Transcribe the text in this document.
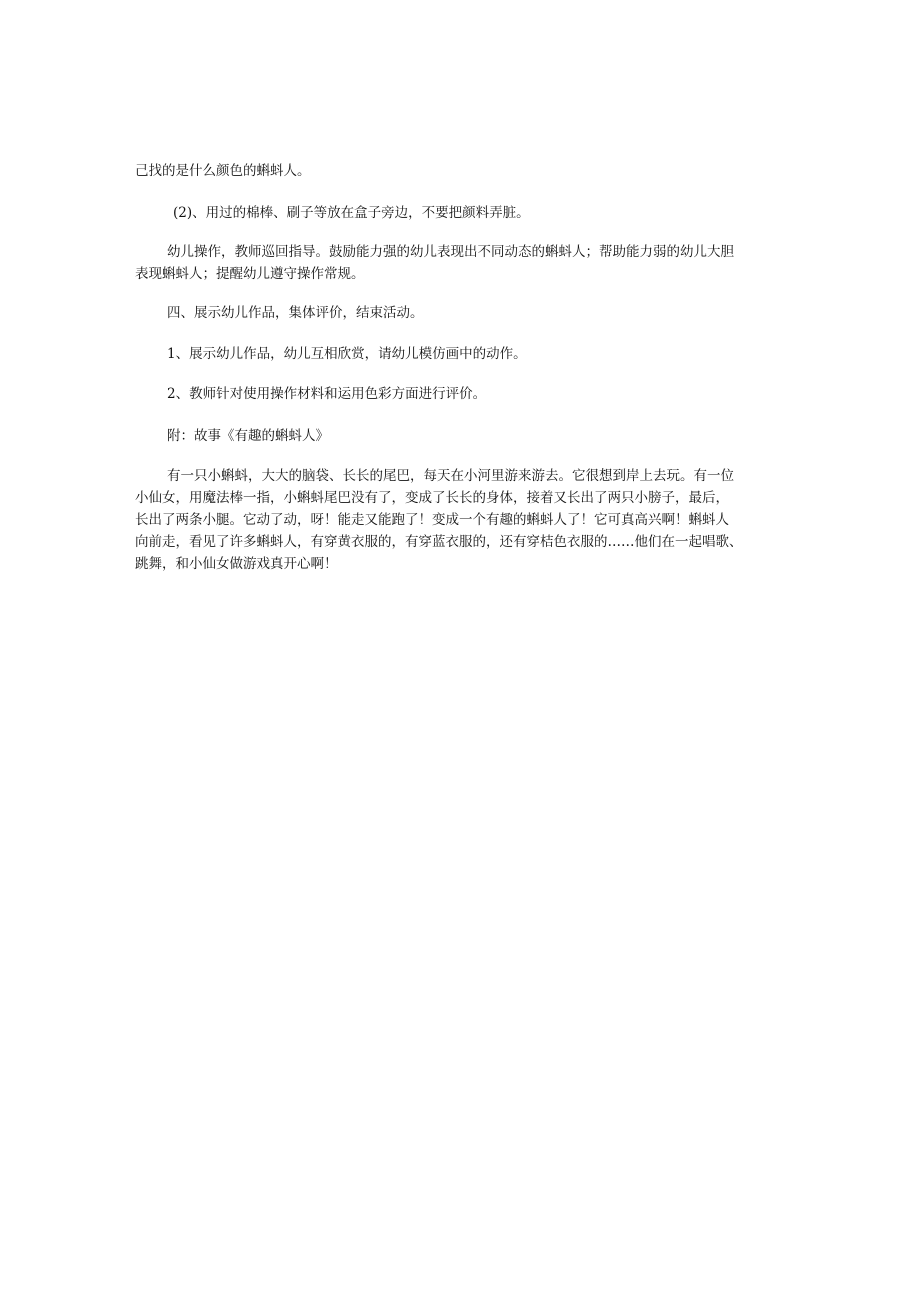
己找的是什么颜色的蝌蚪人。

(2)、用过的棉棒、刷子等放在盒子旁边，不要把颜料弄脏。

幼儿操作，教师巡回指导。鼓励能力强的幼儿表现出不同动态的蝌蚪人；帮助能力弱的幼儿大胆
表现蝌蚪人；提醒幼儿遵守操作常规。

四、展示幼儿作品，集体评价，结束活动。

1、展示幼儿作品，幼儿互相欣赏，请幼儿模仿画中的动作。

2、教师针对使用操作材料和运用色彩方面进行评价。

附：故事《有趣的蝌蚪人》

有一只小蝌蚪，大大的脑袋、长长的尾巴，每天在小河里游来游去。它很想到岸上去玩。有一位
小仙女，用魔法棒一指，小蝌蚪尾巴没有了，变成了长长的身体，接着又长出了两只小膀子，最后，
长出了两条小腿。它动了动，呀！能走又能跑了！变成一个有趣的蝌蚪人了！它可真高兴啊！蝌蚪人
向前走，看见了许多蝌蚪人，有穿黄衣服的，有穿蓝衣服的，还有穿桔色衣服的……他们在一起唱歌、
跳舞，和小仙女做游戏真开心啊！
